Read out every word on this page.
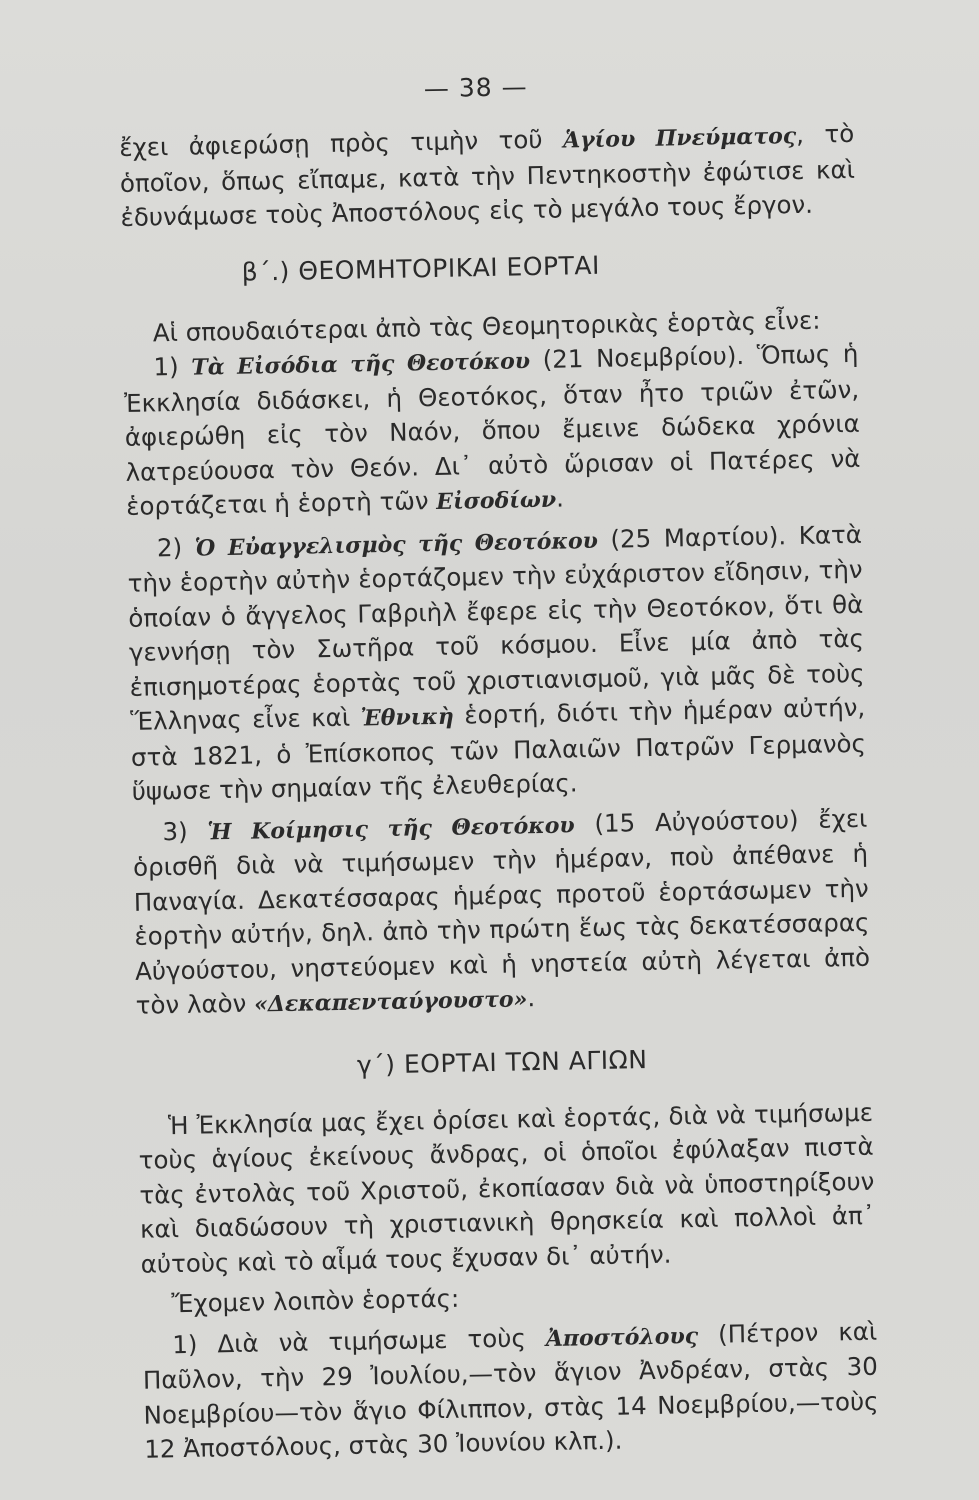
— 38 —

ἔχει ἀφιερώσῃ πρὸς τιμὴν τοῦ Ἁγίου Πνεύματος, τὸ ὁποῖον, ὅπως εἴπαμε, κατὰ τὴν Πεντηκοστὴν ἐφώτισε καὶ ἐδυνάμωσε τοὺς Ἀποστόλους εἰς τὸ μεγάλο τους ἔργον.

β΄.) ΘΕΟΜΗΤΟΡΙΚΑΙ ΕΟΡΤΑΙ

Αἱ σπουδαιότεραι ἀπὸ τὰς Θεομητορικὰς ἑορτὰς εἶνε:

1) Τὰ Εἰσόδια τῆς Θεοτόκου (21 Νοεμβρίου). Ὅπως ἡ Ἐκκλησία διδάσκει, ἡ Θεοτόκος, ὅταν ἦτο τριῶν ἐτῶν, ἀφιερώθη εἰς τὸν Ναόν, ὅπου ἔμεινε δώδεκα χρόνια λατρεύουσα τὸν Θεόν. Δι᾿ αὐτὸ ὥρισαν οἱ Πατέρες νὰ ἑορτάζεται ἡ ἑορτὴ τῶν Εἰσοδίων.

2) Ὁ Εὐαγγελισμὸς τῆς Θεοτόκου (25 Μαρτίου). Κατὰ τὴν ἑορτὴν αὐτὴν ἑορτάζομεν τὴν εὐχάριστον εἴδησιν, τὴν ὁποίαν ὁ ἄγγελος Γαβριὴλ ἔφερε εἰς τὴν Θεοτόκον, ὅτι θὰ γεννήσῃ τὸν Σωτῆρα τοῦ κόσμου. Εἶνε μία ἀπὸ τὰς ἐπισημοτέρας ἑορτὰς τοῦ χριστιανισμοῦ, γιὰ μᾶς δὲ τοὺς Ἕλληνας εἶνε καὶ Ἐθνικὴ ἑορτή, διότι τὴν ἡμέραν αὐτήν, στὰ 1821, ὁ Ἐπίσκοπος τῶν Παλαιῶν Πατρῶν Γερμανὸς ὕψωσε τὴν σημαίαν τῆς ἐλευθερίας.

3) Ἡ Κοίμησις τῆς Θεοτόκου (15 Αὐγούστου) ἔχει ὁρισθῆ διὰ νὰ τιμήσωμεν τὴν ἡμέραν, ποὺ ἀπέθανε ἡ Παναγία. Δεκατέσσαρας ἡμέρας προτοῦ ἑορτάσωμεν τὴν ἑορτὴν αὐτήν, δηλ. ἀπὸ τὴν πρώτη ἕως τὰς δεκατέσσαρας Αὐγούστου, νηστεύομεν καὶ ἡ νηστεία αὐτὴ λέγεται ἀπὸ τὸν λαὸν «Δεκαπενταύγουστο».

γ΄) ΕΟΡΤΑΙ ΤΩΝ ΑΓΙΩΝ

Ἡ Ἐκκλησία μας ἔχει ὁρίσει καὶ ἑορτάς, διὰ νὰ τιμήσωμε τοὺς ἁγίους ἐκείνους ἄνδρας, οἱ ὁποῖοι ἐφύλαξαν πιστὰ τὰς ἐντολὰς τοῦ Χριστοῦ, ἐκοπίασαν διὰ νὰ ὑποστηρίξουν καὶ διαδώσουν τὴ χριστιανικὴ θρησκεία καὶ πολλοὶ ἀπ᾿ αὐτοὺς καὶ τὸ αἷμά τους ἔχυσαν δι᾿ αὐτήν.

Ἔχομεν λοιπὸν ἑορτάς:

1) Διὰ νὰ τιμήσωμε τοὺς Ἀποστόλους (Πέτρον καὶ Παῦλον, τὴν 29 Ἰουλίου,—τὸν ἅγιον Ἀνδρέαν, στὰς 30 Νοεμβρίου—τὸν ἅγιο Φίλιππον, στὰς 14 Νοεμβρίου,—τοὺς 12 Ἀποστόλους, στὰς 30 Ἰουνίου κλπ.).
